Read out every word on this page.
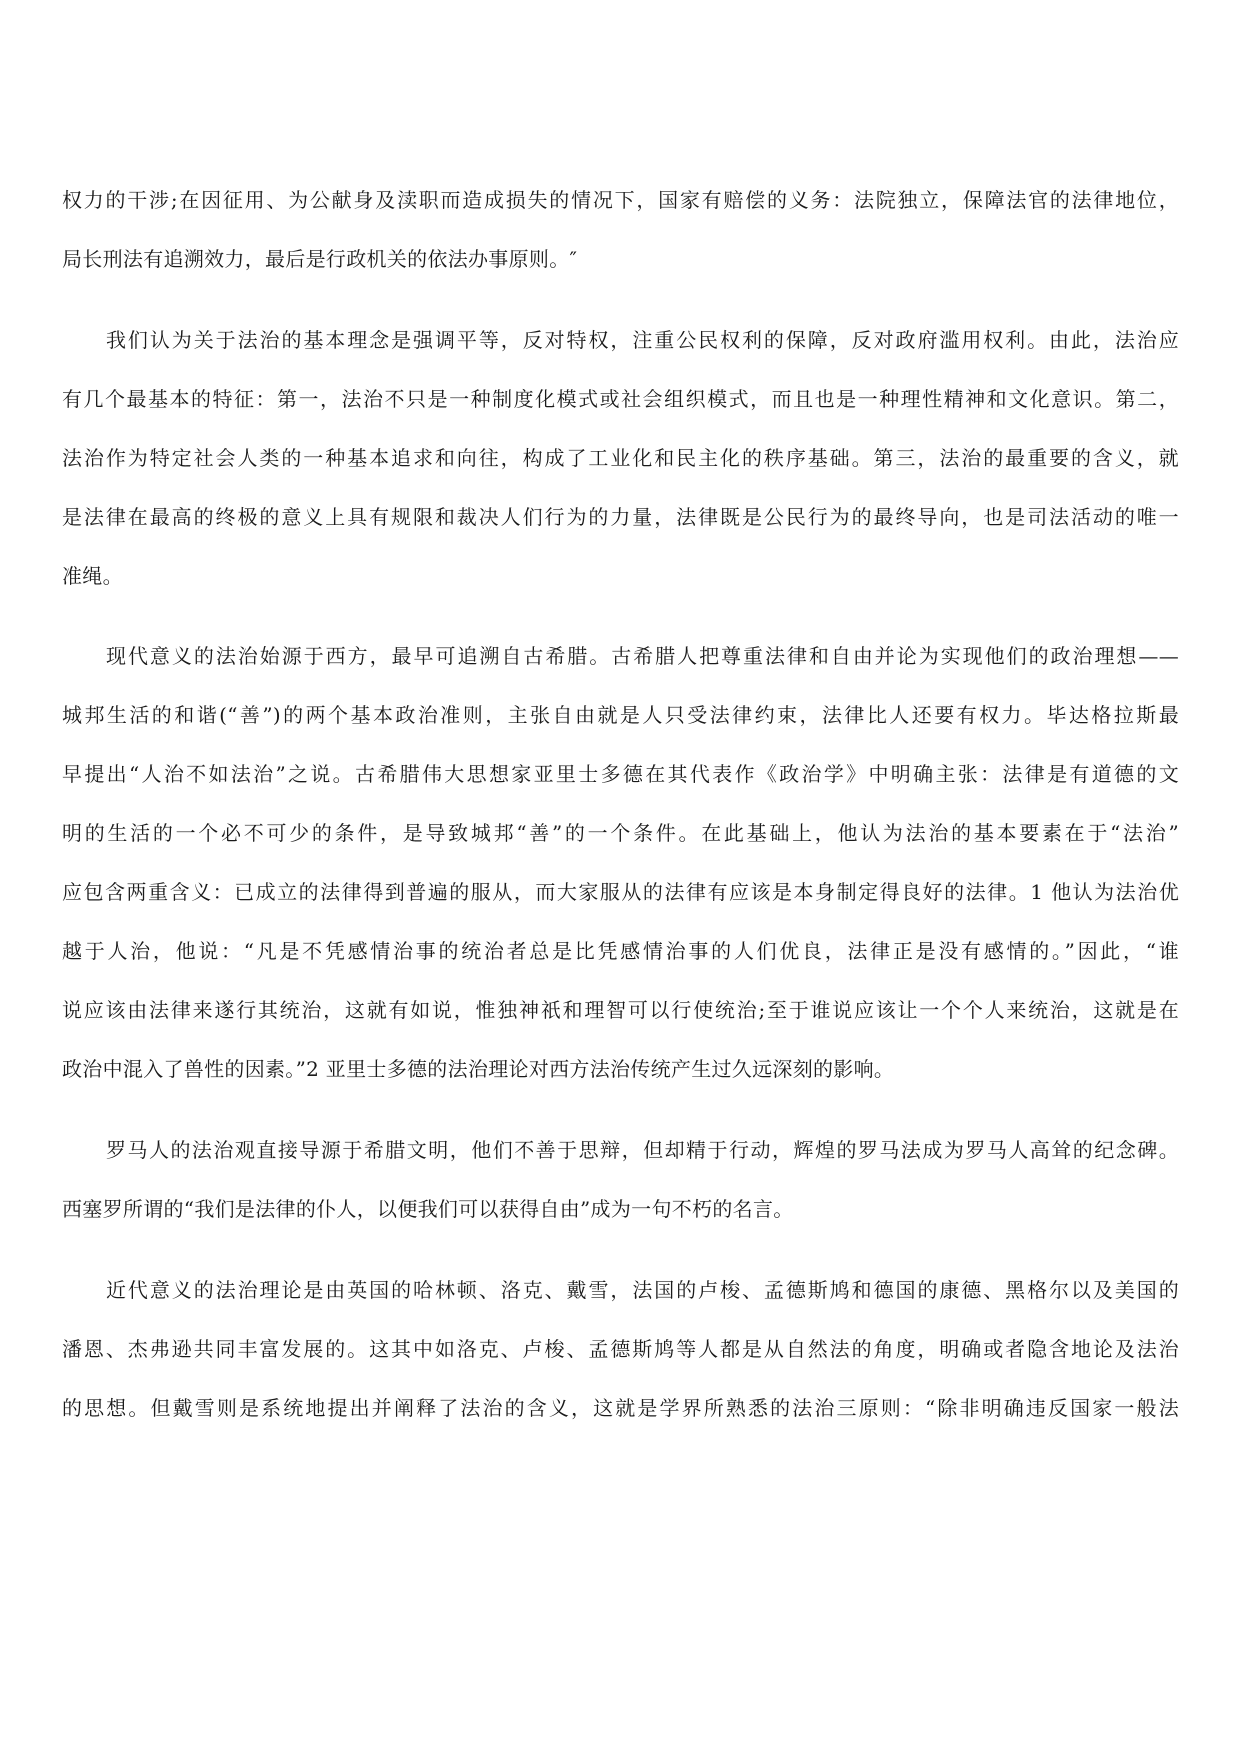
权力的干涉;在因征用、为公献身及渎职而造成损失的情况下，国家有赔偿的义务：法院独立，保障法官的法律地位，
局长刑法有追溯效力，最后是行政机关的依法办事原则。″
我们认为关于法治的基本理念是强调平等，反对特权，注重公民权利的保障，反对政府滥用权利。由此，法治应
有几个最基本的特征：第一，法治不只是一种制度化模式或社会组织模式，而且也是一种理性精神和文化意识。第二，
法治作为特定社会人类的一种基本追求和向往，构成了工业化和民主化的秩序基础。第三，法治的最重要的含义，就
是法律在最高的终极的意义上具有规限和裁决人们行为的力量，法律既是公民行为的最终导向，也是司法活动的唯一
准绳。
现代意义的法治始源于西方，最早可追溯自古希腊。古希腊人把尊重法律和自由并论为实现他们的政治理想——
城邦生活的和谐(“善”)的两个基本政治准则，主张自由就是人只受法律约束，法律比人还要有权力。毕达格拉斯最
早提出“人治不如法治”之说。古希腊伟大思想家亚里士多德在其代表作《政治学》中明确主张：法律是有道德的文
明的生活的一个必不可少的条件，是导致城邦“善”的一个条件。在此基础上，他认为法治的基本要素在于“法治”
应包含两重含义：已成立的法律得到普遍的服从，而大家服从的法律有应该是本身制定得良好的法律。1 他认为法治优
越于人治，他说：“凡是不凭感情治事的统治者总是比凭感情治事的人们优良，法律正是没有感情的。”因此，“谁
说应该由法律来遂行其统治，这就有如说，惟独神祇和理智可以行使统治;至于谁说应该让一个个人来统治，这就是在
政治中混入了兽性的因素。”2 亚里士多德的法治理论对西方法治传统产生过久远深刻的影响。
罗马人的法治观直接导源于希腊文明，他们不善于思辩，但却精于行动，辉煌的罗马法成为罗马人高耸的纪念碑。
西塞罗所谓的“我们是法律的仆人，以便我们可以获得自由”成为一句不朽的名言。
近代意义的法治理论是由英国的哈林顿、洛克、戴雪，法国的卢梭、孟德斯鸠和德国的康德、黑格尔以及美国的
潘恩、杰弗逊共同丰富发展的。这其中如洛克、卢梭、孟德斯鸠等人都是从自然法的角度，明确或者隐含地论及法治
的思想。但戴雪则是系统地提出并阐释了法治的含义，这就是学界所熟悉的法治三原则：“除非明确违反国家一般法
